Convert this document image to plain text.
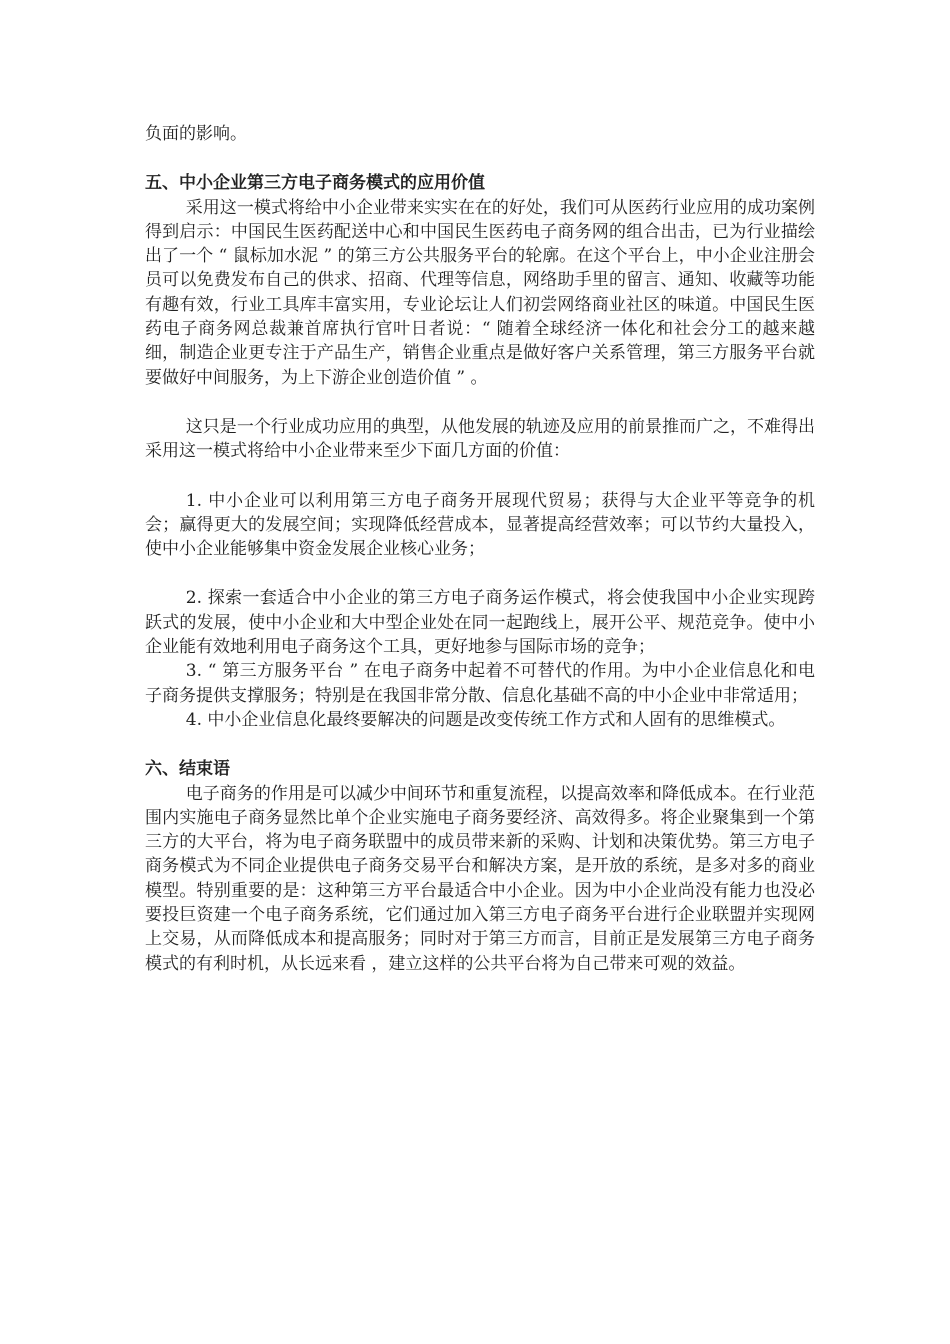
负面的影响。

五、中小企业第三方电子商务模式的应用价值

采用这一模式将给中小企业带来实实在在的好处，我们可从医药行业应用的成功案例得到启示：中国民生医药配送中心和中国民生医药电子商务网的组合出击，已为行业描绘出了一个 “ 鼠标加水泥 ” 的第三方公共服务平台的轮廓。在这个平台上，中小企业注册会员可以免费发布自己的供求、招商、代理等信息，网络助手里的留言、通知、收藏等功能有趣有效，行业工具库丰富实用，专业论坛让人们初尝网络商业社区的味道。中国民生医药电子商务网总裁兼首席执行官叶日者说：“ 随着全球经济一体化和社会分工的越来越细，制造企业更专注于产品生产，销售企业重点是做好客户关系管理，第三方服务平台就要做好中间服务，为上下游企业创造价值 ” 。

这只是一个行业成功应用的典型，从他发展的轨迹及应用的前景推而广之，不难得出采用这一模式将给中小企业带来至少下面几方面的价值：

1. 中小企业可以利用第三方电子商务开展现代贸易；获得与大企业平等竞争的机会；赢得更大的发展空间；实现降低经营成本，显著提高经营效率；可以节约大量投入，使中小企业能够集中资金发展企业核心业务；

2. 探索一套适合中小企业的第三方电子商务运作模式，将会使我国中小企业实现跨跃式的发展，使中小企业和大中型企业处在同一起跑线上，展开公平、规范竞争。使中小企业能有效地利用电子商务这个工具，更好地参与国际市场的竞争；

3. “ 第三方服务平台 ” 在电子商务中起着不可替代的作用。为中小企业信息化和电子商务提供支撑服务；特别是在我国非常分散、信息化基础不高的中小企业中非常适用；

4. 中小企业信息化最终要解决的问题是改变传统工作方式和人固有的思维模式。

六、结束语

电子商务的作用是可以减少中间环节和重复流程，以提高效率和降低成本。在行业范围内实施电子商务显然比单个企业实施电子商务要经济、高效得多。将企业聚集到一个第三方的大平台，将为电子商务联盟中的成员带来新的采购、计划和决策优势。第三方电子商务模式为不同企业提供电子商务交易平台和解决方案，是开放的系统，是多对多的商业模型。特别重要的是：这种第三方平台最适合中小企业。因为中小企业尚没有能力也没必要投巨资建一个电子商务系统，它们通过加入第三方电子商务平台进行企业联盟并实现网上交易，从而降低成本和提高服务；同时对于第三方而言，目前正是发展第三方电子商务模式的有利时机，从长远来看 ，建立这样的公共平台将为自己带来可观的效益。
